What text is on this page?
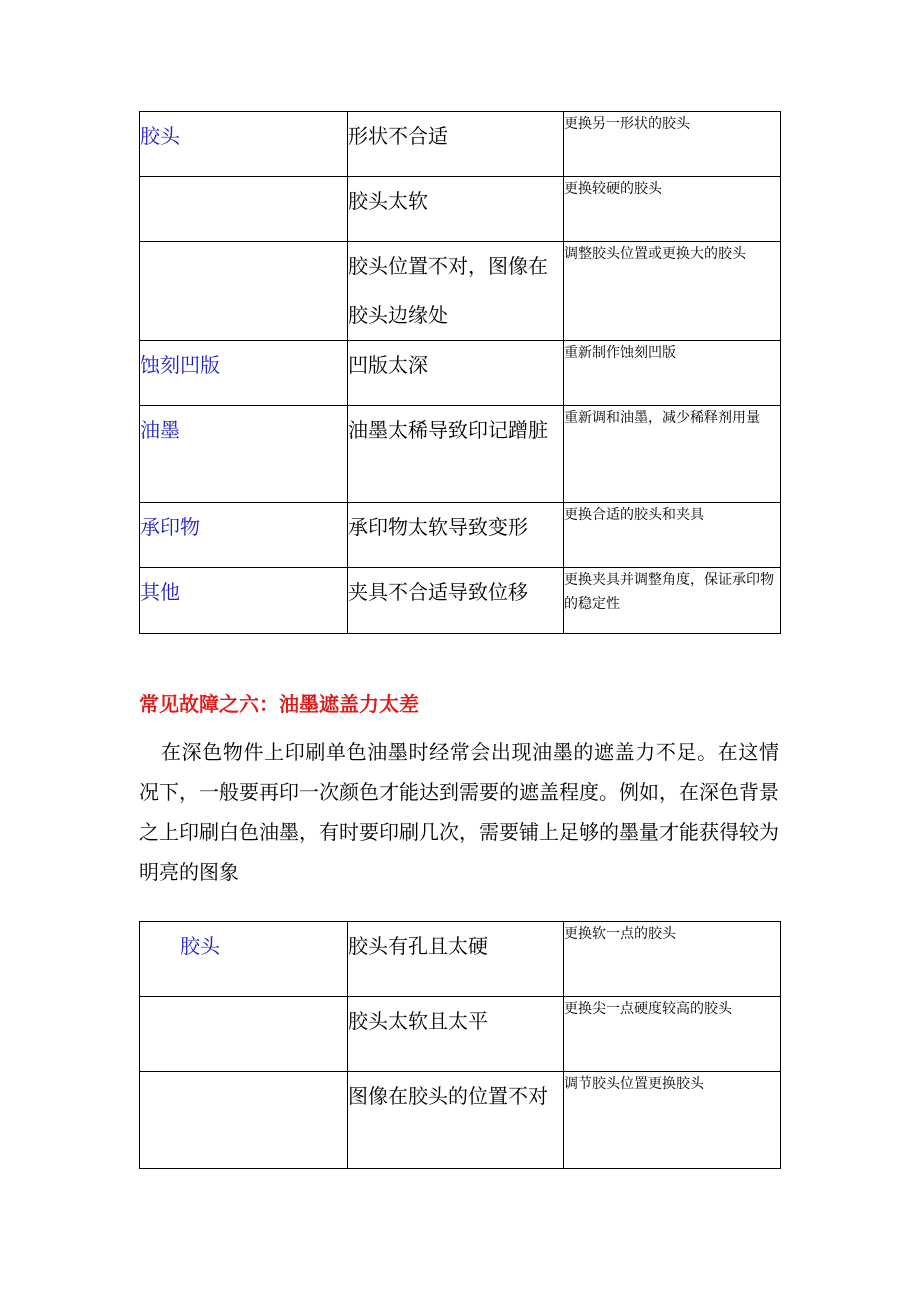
胶头	形状不合适	更换另一形状的胶头
	胶头太软	更换较硬的胶头
	胶头位置不对，图像在胶头边缘处	调整胶头位置或更换大的胶头
蚀刻凹版	凹版太深	重新制作蚀刻凹版
油墨	油墨太稀导致印记蹭脏	重新调和油墨，减少稀释剂用量
承印物	承印物太软导致变形	更换合适的胶头和夹具
其他	夹具不合适导致位移	更换夹具并调整角度，保证承印物的稳定性
常见故障之六：油墨遮盖力太差

在深色物件上印刷单色油墨时经常会出现油墨的遮盖力不足。在这情况下，一般要再印一次颜色才能达到需要的遮盖程度。例如，在深色背景之上印刷白色油墨，有时要印刷几次，需要铺上足够的墨量才能获得较为明亮的图象

胶头	胶头有孔且太硬	更换软一点的胶头
	胶头太软且太平	更换尖一点硬度较高的胶头
	图像在胶头的位置不对	调节胶头位置更换胶头
